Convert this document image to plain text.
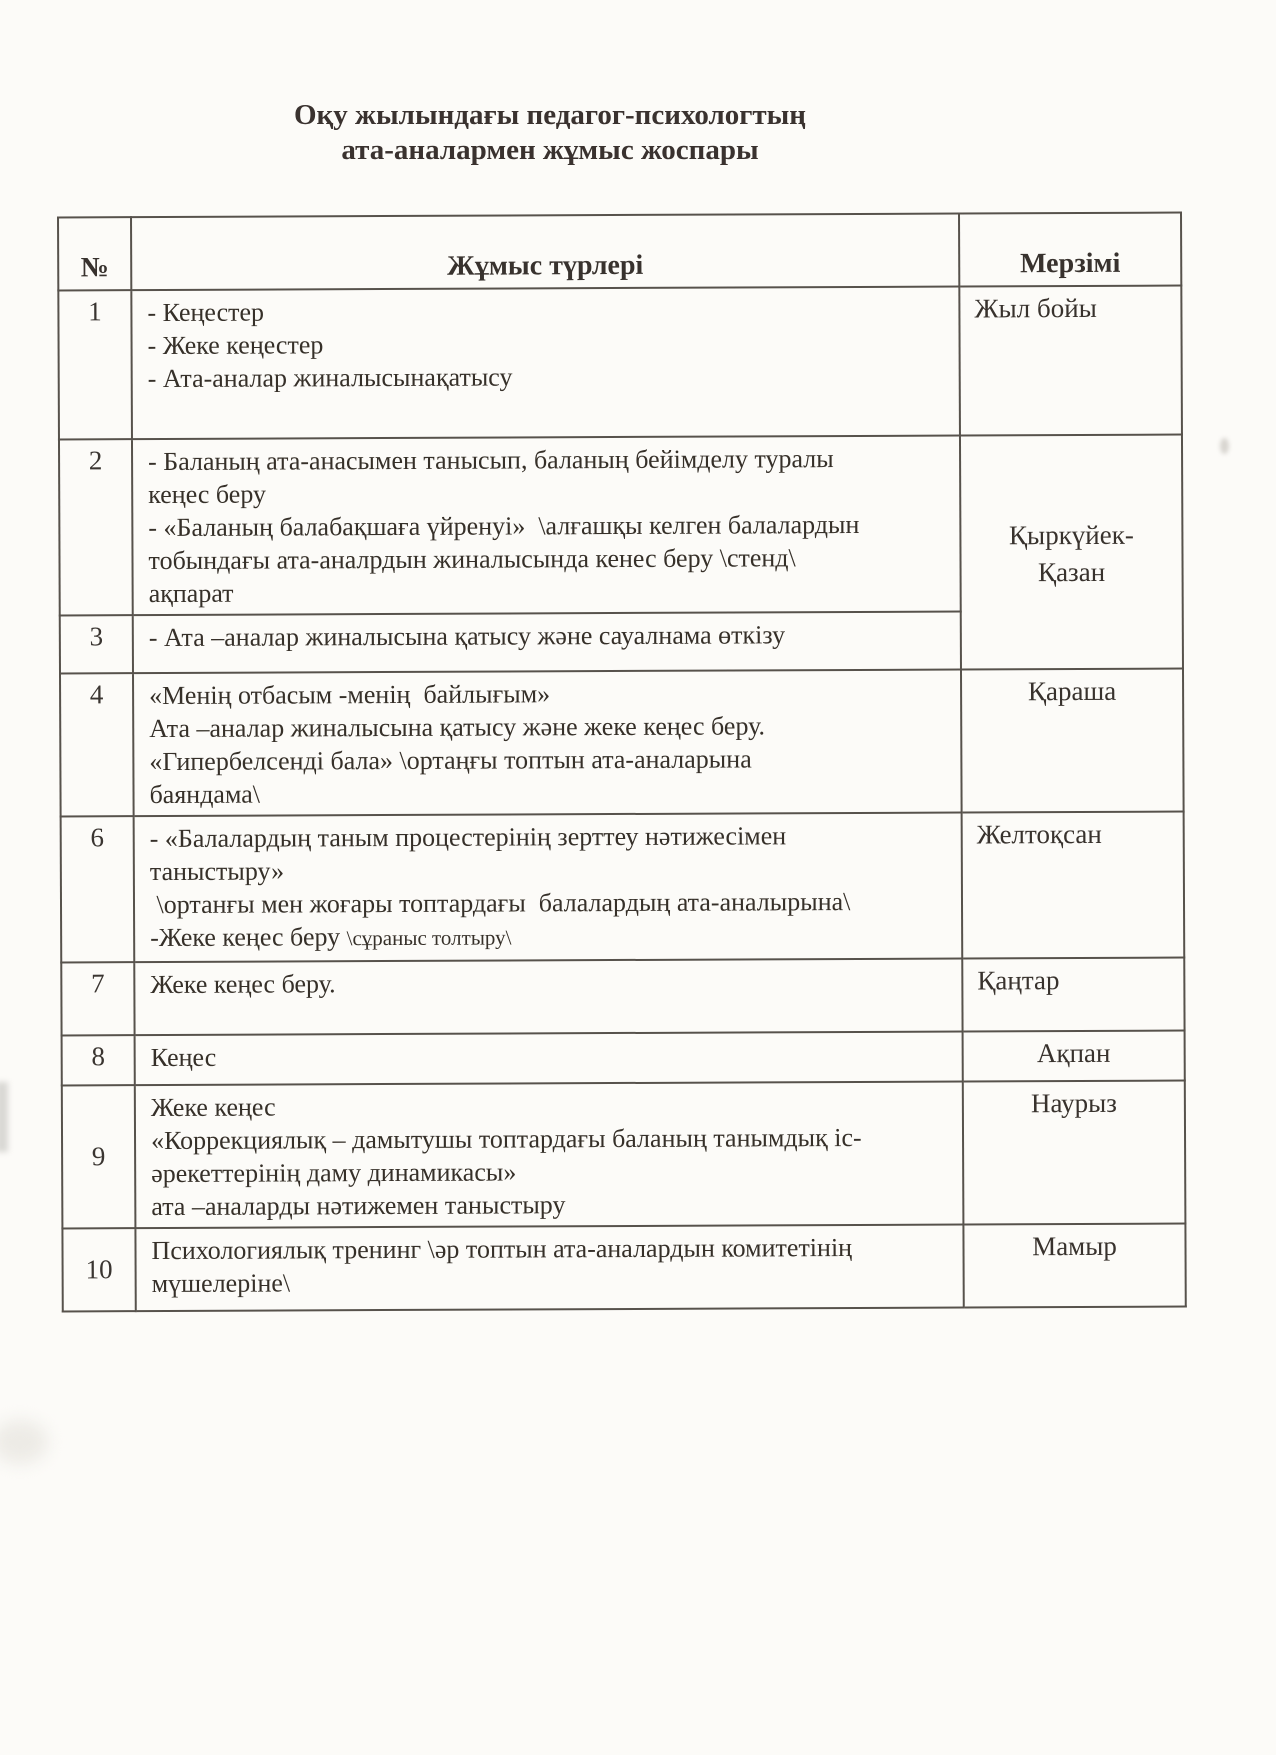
Оқу жылындағы педагог-психологтың
ата-аналармен жұмыс жоспары
№	Жұмыс түрлері	Мерзімі
1	- Кеңестер
- Жеке кеңестер
- Ата-аналар жиналысынақатысу	Жыл бойы
2	- Баланың ата-анасымен танысып, баланың бейімделу туралы
кеңес беру
- «Баланың балабақшаға үйренуі»  \алғашқы келген балалардын
тобындағы ата-аналрдын жиналысында кенес беру \стенд\
ақпарат	Қыркүйек-
Қазан

3	- Ата –аналар жиналысына қатысу және сауалнама өткізу	

4	«Менің отбасым -менің  байлығым»
Ата –аналар жиналысына қатысу және жеке кеңес беру.
«Гипербелсенді бала» \ортаңғы топтын ата-аналарына
баяндама\	Қараша
6	- «Балалардың таным процестерінің зерттеу нәтижесімен
таныстыру»
\ортанғы мен жоғары топтардағы  балалардың ата-аналырына\
-Жеке кеңес беру \сұраныс толтыру\	Желтоқсан
7	Жеке кеңес беру.	Қаңтар
8	Кеңес	Ақпан
9	Жеке кеңес
«Коррекциялық – дамытушы топтардағы баланың танымдық іс-
әрекеттерінің даму динамикасы»
ата –аналарды нәтижемен таныстыру	Наурыз
10	Психологиялық тренинг \әр топтын ата-аналардын комитетінің
мүшелеріне\	Мамыр
